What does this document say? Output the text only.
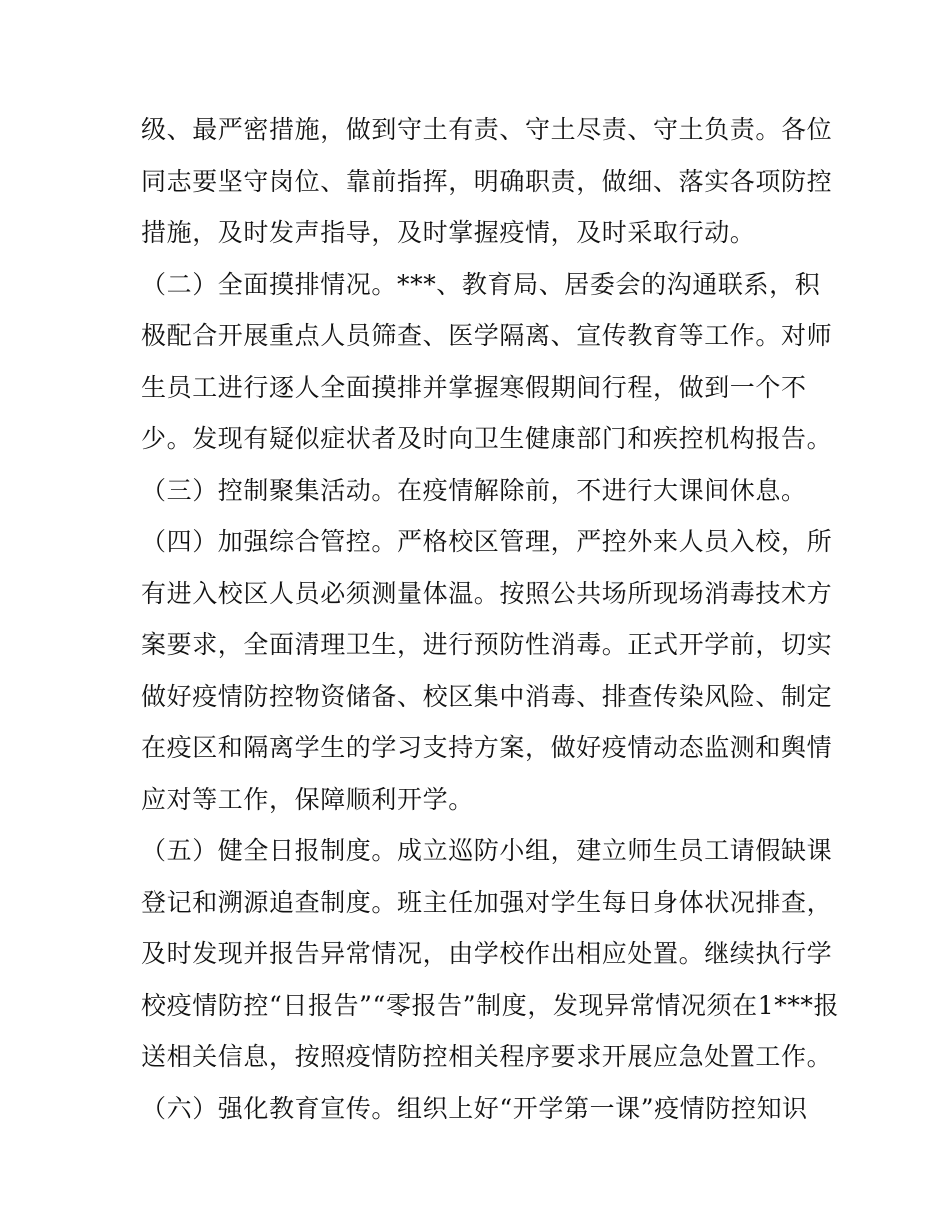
级、最严密措施，做到守土有责、守土尽责、守土负责。各位
同志要坚守岗位、靠前指挥，明确职责，做细、落实各项防控
措施，及时发声指导，及时掌握疫情，及时采取行动。
（二）全面摸排情况。***、教育局、居委会的沟通联系，积
极配合开展重点人员筛查、医学隔离、宣传教育等工作。对师
生员工进行逐人全面摸排并掌握寒假期间行程，做到一个不
少。发现有疑似症状者及时向卫生健康部门和疾控机构报告。
（三）控制聚集活动。在疫情解除前，不进行大课间休息。
（四）加强综合管控。严格校区管理，严控外来人员入校，所
有进入校区人员必须测量体温。按照公共场所现场消毒技术方
案要求，全面清理卫生，进行预防性消毒。正式开学前，切实
做好疫情防控物资储备、校区集中消毒、排查传染风险、制定
在疫区和隔离学生的学习支持方案，做好疫情动态监测和舆情
应对等工作，保障顺利开学。
（五）健全日报制度。成立巡防小组，建立师生员工请假缺课
登记和溯源追查制度。班主任加强对学生每日身体状况排查，
及时发现并报告异常情况，由学校作出相应处置。继续执行学
校疫情防控“日报告”“零报告”制度，发现异常情况须在1***报
送相关信息，按照疫情防控相关程序要求开展应急处置工作。
（六）强化教育宣传。组织上好“开学第一课”疫情防控知识
